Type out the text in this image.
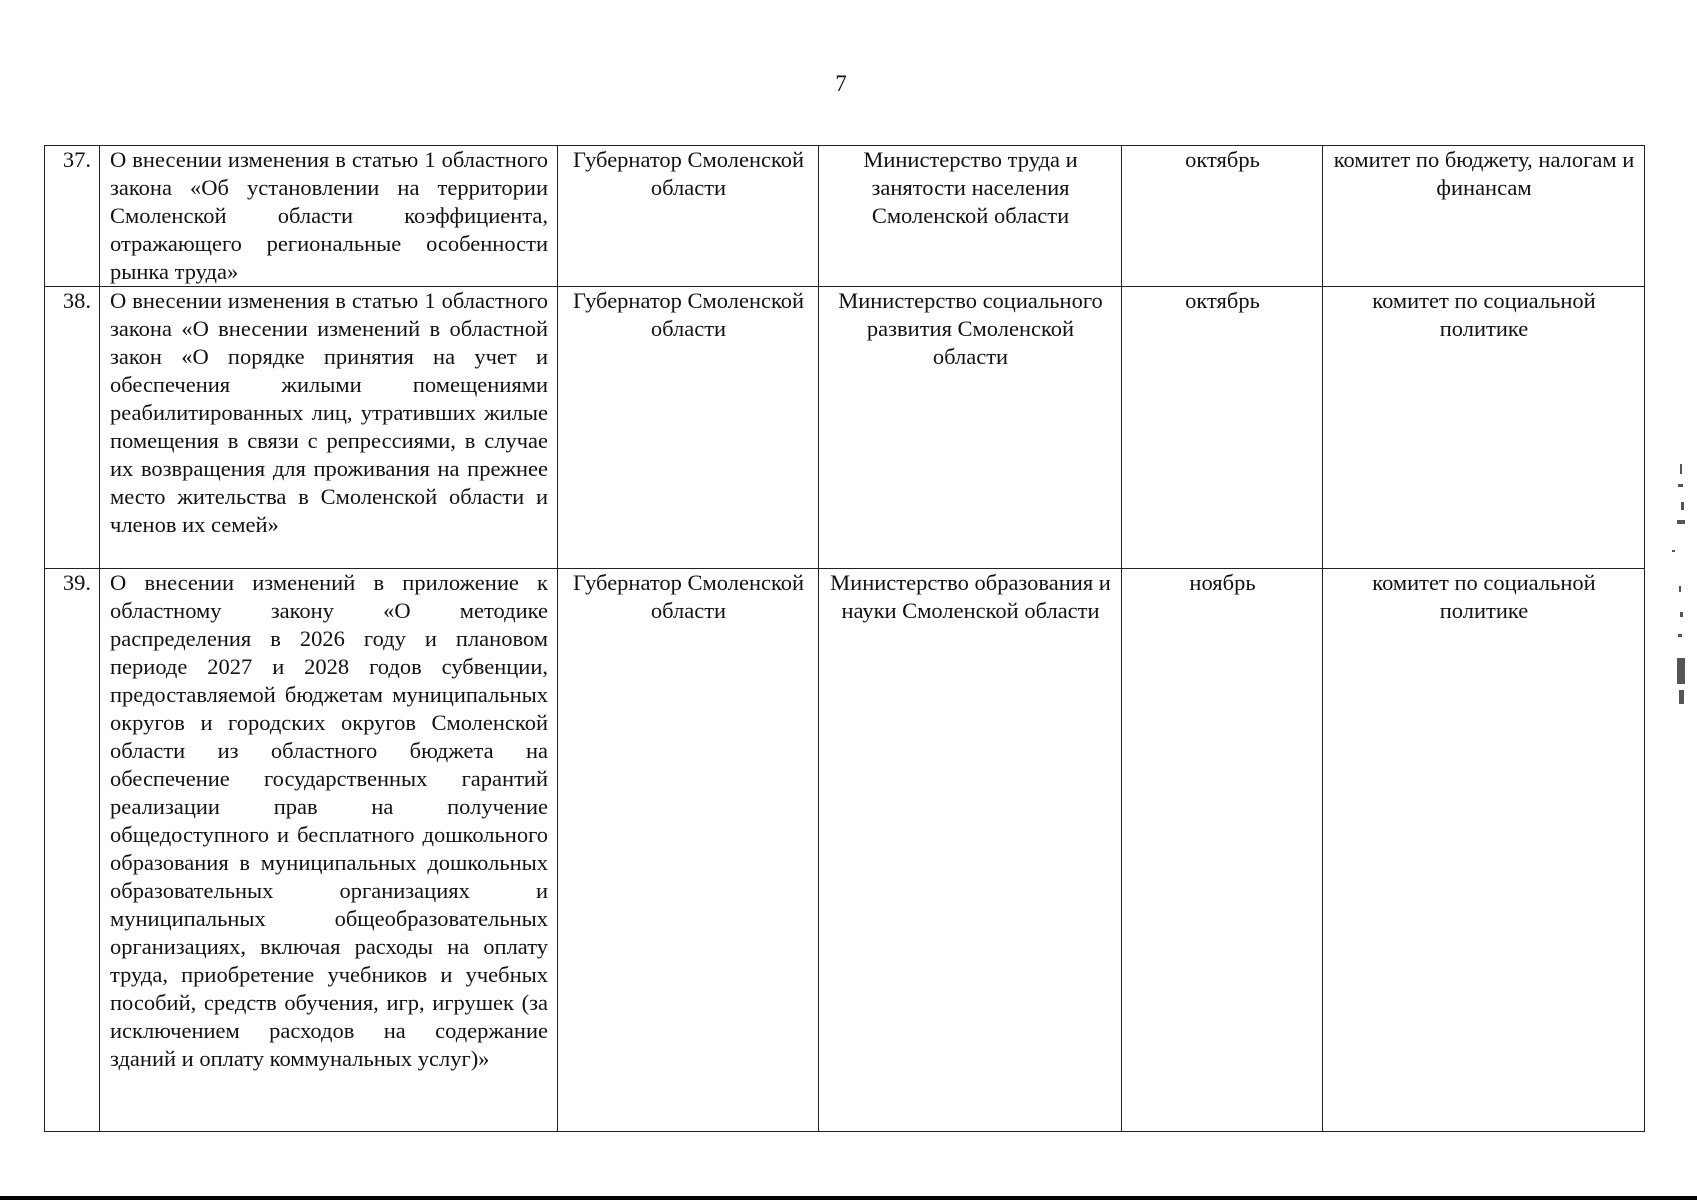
7
37.	О внесении изменения в статью 1 областного закона «Об установлении на территории Смоленской области коэффициента, отражающего региональные особенности рынка труда»	Губернатор Смоленской области	Министерство труда и занятости населения Смоленской области	октябрь	комитет по бюджету, налогам и финансам
38.	О внесении изменения в статью 1 областного закона «О внесении изменений в областной закон «О порядке принятия на учет и обеспечения жилыми помещениями реабилитированных лиц, утративших жилые помещения в связи с репрессиями, в случае их возвращения для проживания на прежнее место жительства в Смоленской области и членов их семей»	Губернатор Смоленской области	Министерство социального развития Смоленской области	октябрь	комитет по социальной политике
39.	О внесении изменений в приложение к областному закону «О методике распределения в 2026 году и плановом периоде 2027 и 2028 годов субвенции, предоставляемой бюджетам муниципальных округов и городских округов Смоленской области из областного бюджета на обеспечение государственных гарантий реализации прав на получение общедоступного и бесплатного дошкольного образования в муниципальных дошкольных образовательных организациях и муниципальных общеобразовательных организациях, включая расходы на оплату труда, приобретение учебников и учебных пособий, средств обучения, игр, игрушек (за исключением расходов на содержание зданий и оплату коммунальных услуг)»	Губернатор Смоленской области	Министерство образования и науки Смоленской области	ноябрь	комитет по социальной политике
